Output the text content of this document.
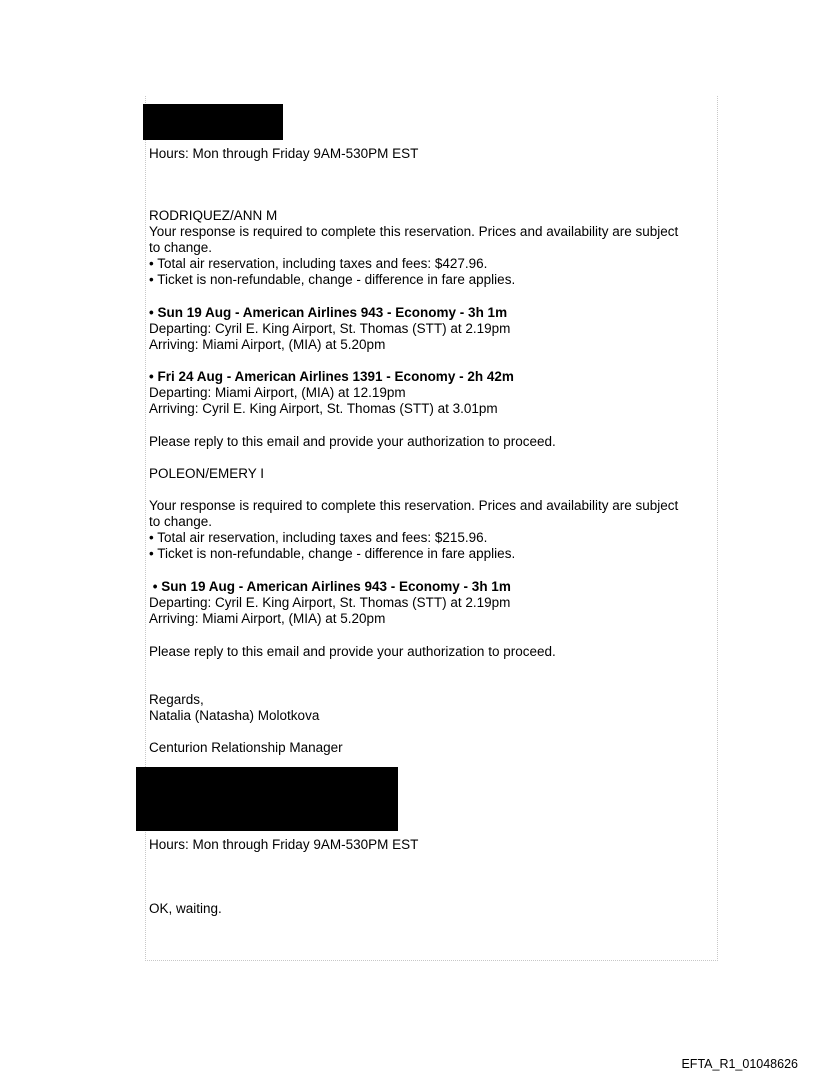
Hours: Mon through Friday 9AM-530PM EST
RODRIQUEZ/ANN M
Your response is required to complete this reservation. Prices and availability are subject
to change.
• Total air reservation, including taxes and fees: $427.96.
• Ticket is non-refundable, change - difference in fare applies.
• Sun 19 Aug - American Airlines 943 - Economy - 3h 1m
Departing: Cyril E. King Airport, St. Thomas (STT) at 2.19pm
Arriving: Miami Airport, (MIA) at 5.20pm
• Fri 24 Aug - American Airlines 1391 - Economy - 2h 42m
Departing: Miami Airport, (MIA) at 12.19pm
Arriving: Cyril E. King Airport, St. Thomas (STT) at 3.01pm
Please reply to this email and provide your authorization to proceed.
POLEON/EMERY I
Your response is required to complete this reservation. Prices and availability are subject
to change.
• Total air reservation, including taxes and fees: $215.96.
• Ticket is non-refundable, change - difference in fare applies.
• Sun 19 Aug - American Airlines 943 - Economy - 3h 1m
Departing: Cyril E. King Airport, St. Thomas (STT) at 2.19pm
Arriving: Miami Airport, (MIA) at 5.20pm
Please reply to this email and provide your authorization to proceed.
Regards,
Natalia (Natasha) Molotkova
Centurion Relationship Manager
Hours: Mon through Friday 9AM-530PM EST
OK, waiting.
EFTA_R1_01048626
